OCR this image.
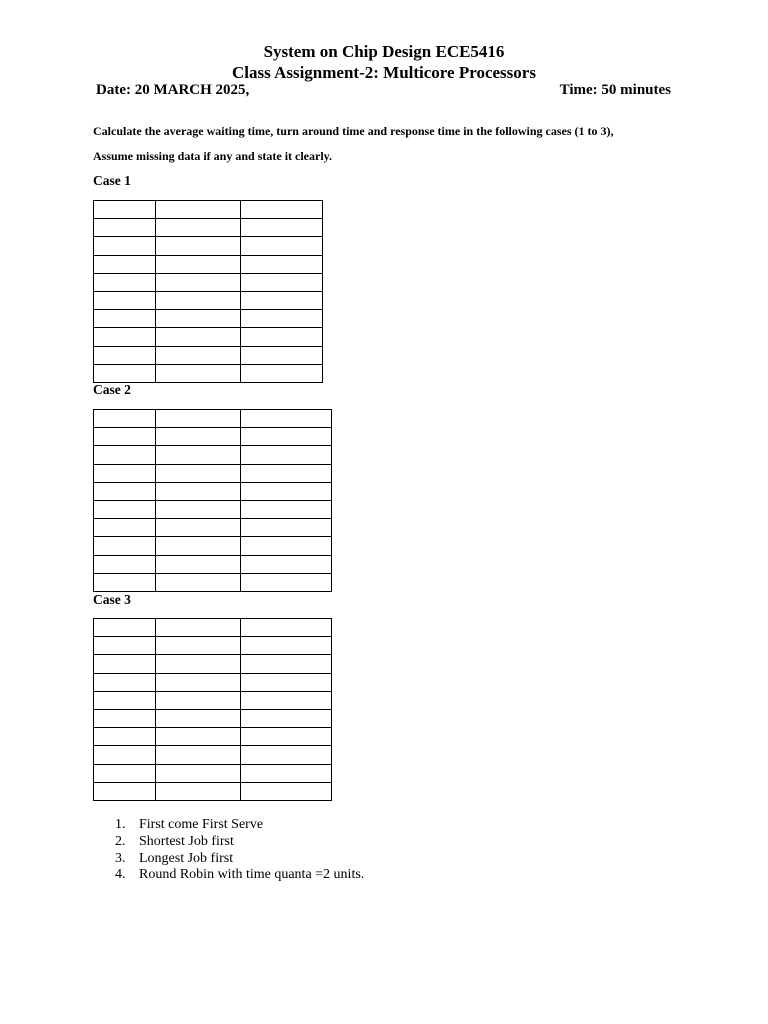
System on Chip Design ECE5416
Class Assignment-2: Multicore Processors
Date: 20 MARCH 2025,	Time: 50 minutes
Calculate the average waiting time, turn around time and response time in the following cases (1 to 3),
Assume missing data if any and state it clearly.
Case 1

Case 2

Case 3

1. First come First Serve
2. Shortest Job first
3. Longest Job first
4. Round Robin with time quanta =2 units.
